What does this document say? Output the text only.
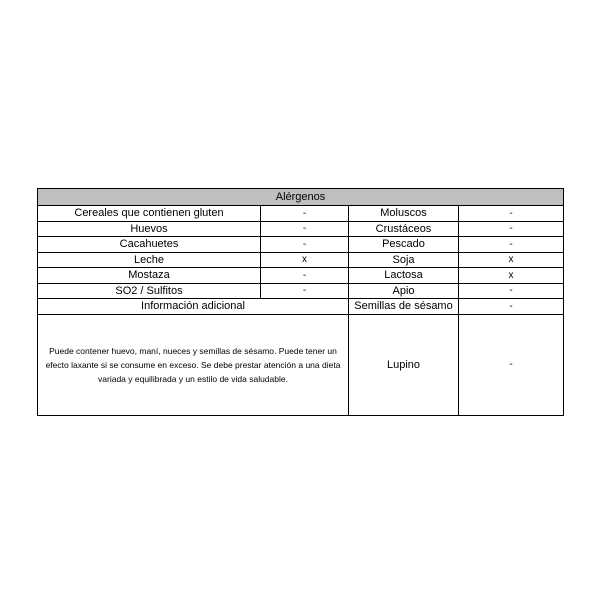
Alérgenos			
Cereales que contienen gluten	-	Moluscos	-
Huevos	-	Crustáceos	-
Cacahuetes	-	Pescado	-
Leche	x	Soja	x
Mostaza	-	Lactosa	x
SO2 / Sulfitos	-	Apio	-
Información adicional		Semillas de sésamo	-
Puede contener huevo, maní, nueces y semillas de sésamo. Puede tener un efecto laxante si se consume en exceso. Se debe prestar atención a una dieta variada y equilibrada y un estilo de vida saludable.		Lupino	-
